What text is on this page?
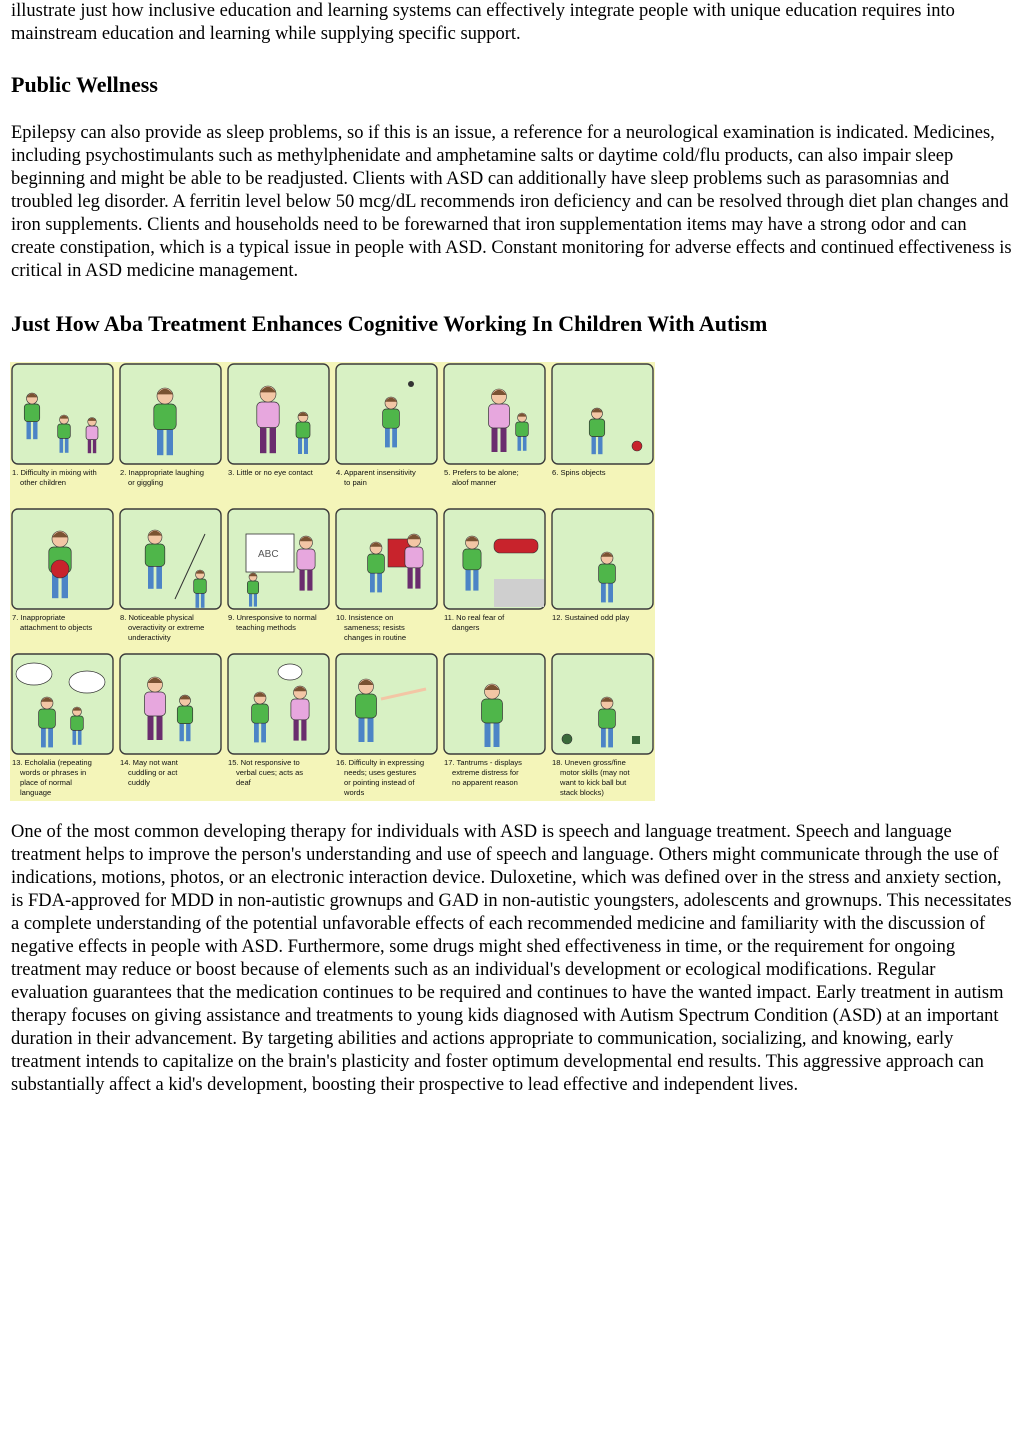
illustrate just how inclusive education and learning systems can effectively integrate people with unique education requires into mainstream education and learning while supplying specific support.

Public Wellness

Epilepsy can also provide as sleep problems, so if this is an issue, a reference for a neurological examination is indicated. Medicines, including psychostimulants such as methylphenidate and amphetamine salts or daytime cold/flu products, can also impair sleep beginning and might be able to be readjusted. Clients with ASD can additionally have sleep problems such as parasomnias and troubled leg disorder. A ferritin level below 50 mcg/dL recommends iron deficiency and can be resolved through diet plan changes and iron supplements. Clients and households need to be forewarned that iron supplementation items may have a strong odor and can create constipation, which is a typical issue in people with ASD. Constant monitoring for adverse effects and continued effectiveness is critical in ASD medicine management.

Just How Aba Treatment Enhances Cognitive Working In Children With Autism
1. Difficulty in mixing with
other children
2. Inappropriate laughing
or giggling
3. Little or no eye contact	4. Apparent insensitivity
to pain
5. Prefers to be alone;
aloof manner
6. Spins objects
7. Inappropriate
attachment to objects
8. Noticeable physical
overactivity or extreme
underactivity
ABC
9. Unresponsive to normal
teaching methods
10. Insistence on
sameness; resists
changes in routine
11. No real fear of
dangers
12. Sustained odd play
13. Echolalia (repeating
words or phrases in
place of normal
language
14. May not want
cuddling or act
cuddly
15. Not responsive to
verbal cues; acts as
deaf
16. Difficulty in expressing
needs; uses gestures
or pointing instead of
words
17. Tantrums - displays
extreme distress for
no apparent reason
18. Uneven gross/fine
motor skills (may not
want to kick ball but
stack blocks)

One of the most common developing therapy for individuals with ASD is speech and language treatment. Speech and language treatment helps to improve the person's understanding and use of speech and language. Others might communicate through the use of indications, motions, photos, or an electronic interaction device. Duloxetine, which was defined over in the stress and anxiety section, is FDA-approved for MDD in non-autistic grownups and GAD in non-autistic youngsters, adolescents and grownups. This necessitates a complete understanding of the potential unfavorable effects of each recommended medicine and familiarity with the discussion of negative effects in people with ASD. Furthermore, some drugs might shed effectiveness in time, or the requirement for ongoing treatment may reduce or boost because of elements such as an individual's development or ecological modifications. Regular evaluation guarantees that the medication continues to be required and continues to have the wanted impact. Early treatment in autism therapy focuses on giving assistance and treatments to young kids diagnosed with Autism Spectrum Condition (ASD) at an important duration in their advancement. By targeting abilities and actions appropriate to communication, socializing, and knowing, early treatment intends to capitalize on the brain's plasticity and foster optimum developmental end results. This aggressive approach can substantially affect a kid's development, boosting their prospective to lead effective and independent lives.
